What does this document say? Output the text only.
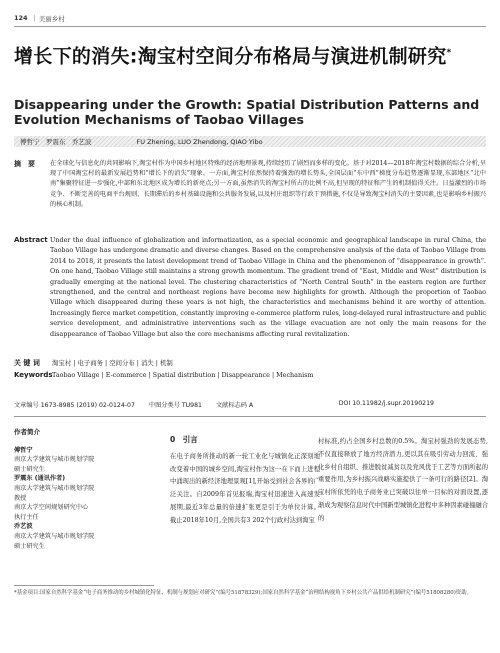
124 | 美丽乡村
增长下的消失:淘宝村空间分布格局与演进机制研究*
Disappearing under the Growth: Spatial Distribution Patterns and Evolution Mechanisms of Taobao Villages
傅哲宁　罗震东　乔艺波	FU Zhening, LUO Zhendong, QIAO Yibo
摘　要	在全球化与信息化的共同影响下,淘宝村作为中国乡村地区特殊的经济地理景观,持续经历了剧烈而多样的变化。基于对2014—2018年淘宝村数据的综合分析,呈现了中国淘宝村的最新发展趋势和“增长下的消失”现象。一方面,淘宝村依然保持着强劲的增长势头,全国层面“东中西”梯度分布趋势逐渐显现,东部地区“北中南”集聚特征进一步强化,中部和东北地区成为增长的新亮点;另一方面,虽然消失的淘宝村所占的比例不高,但呈现的特征和产生的机制值得关注。日益激烈的市场竞争、不断完善的电商平台规则、长期滞后的乡村基础设施和公共服务发展,以及村庄组织等行政干预措施,不仅是导致淘宝村消失的主要因素,也是影响乡村振兴的核心机制。

Abstract Under the dual influence of globalization and informatization, as a special economic and geographical landscape in rural China, the Taobao Village has undergone dramatic and diverse changes. Based on the comprehensive analysis of the data of Taobao Village from 2014 to 2018, it presents the latest development trend of Taobao Village in China and the phenomenon of “disappearance in growth”. On one hand, Taobao Village still maintains a strong growth momentum. The gradient trend of “East, Middle and West” distribution is gradually emerging at the national level. The clustering characteristics of “North Central South” in the eastern region are further strengthened, and the central and northeast regions have become new highlights for growth. Although the proportion of Taobao Village which disappeared during these years is not high, the characteristics and mechanisms behind it are worthy of attention. Increasingly fierce market competition, constantly improving e-commerce platform rules, long-delayed rural infrastructure and public service development, and administrative interventions such as the village evacuation are not only the main reasons for the disappearance of Taobao Village but also the core mechanisms affecting rural revitalization.

关 键 词 淘宝村 | 电子商务 | 空间分布 | 消失 | 机制
Keywords Taobao Village | E-commerce | Spatial distribution | Disappearance | Mechanism
文章编号 1673-8985 (2019) 02-0124-07 中图分类号 TU981 文献标志码 A	DOI 10.11982/j.supr.20190219
作者简介
傅哲宁
南京大学建筑与城市规划学院
硕士研究生
罗震东 (通讯作者)
南京大学建筑与城市规划学院
教授
南京大学空间规划研究中心
执行主任
乔艺波
南京大学建筑与城市规划学院
硕士研究生
0　引言

在电子商务所推动的新一轮工业化与城镇化正深刻地改变着中国的城乡空间,淘宝村作为这一在下而上进程中涌现出的新经济地理景观[1],开始受到社会各界的广泛关注。自2009年首见报端,淘宝村迅速进入高速发展期,最近3年总量的倍速扩张更是引于为单位计算。截止2018年10月,全国共有3 202个行政村达到淘宝

村标准,约占全国乡村总数的0.5%。淘宝村强劲的发展态势,不仅直接释放了地方经济潜力,更以其在吸引劳动力回流、强化乡村自组织、推进脱贫减贫以及党风优于工艺等方面所起的重要作用,为乡村振兴战略实施提供了一条可行的路径[2]。淘宝村所依凭的电子商务业已突破以往单一目标的对面设置,逐渐成为观察信息时代中国新型城镇化进程中多种因素碰撞融合的

*基金项目:国家自然科学基金“电子商务推动的乡村城镇化特征、机制与规划应对研究”(编号51878329);国家自然科学基金“治理结构视角下乡村公共产品供给机制研究”(编号51808280)资助。
